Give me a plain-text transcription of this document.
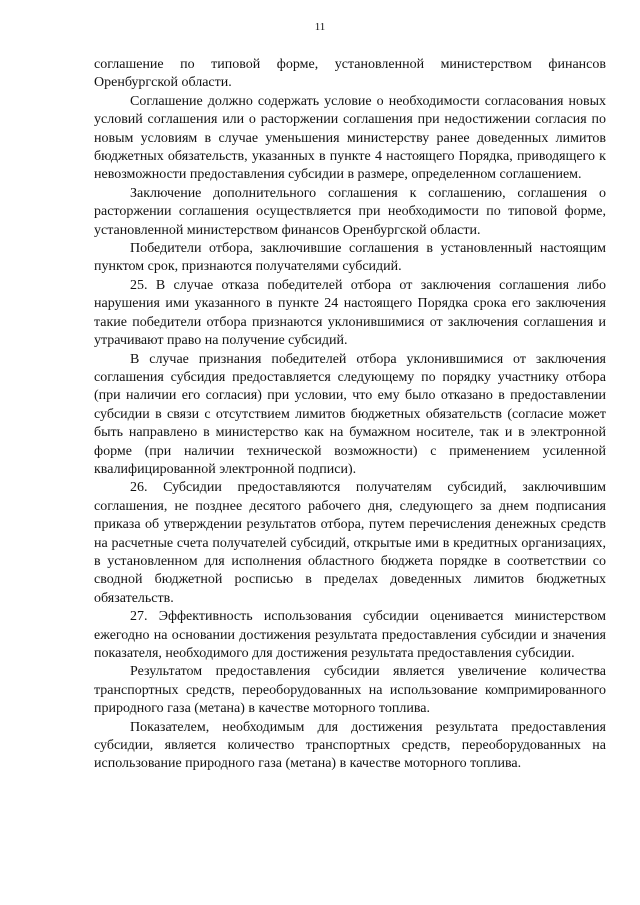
11

соглашение по типовой форме, установленной министерством финансов Оренбургской области.

Соглашение должно содержать условие о необходимости согласования новых условий соглашения или о расторжении соглашения при недостижении согласия по новым условиям в случае уменьшения министерству ранее доведенных лимитов бюджетных обязательств, указанных в пункте 4 настоящего Порядка, приводящего к невозможности предоставления субсидии в размере, определенном соглашением.

Заключение дополнительного соглашения к соглашению, соглашения о расторжении соглашения осуществляется при необходимости по типовой форме, установленной министерством финансов Оренбургской области.

Победители отбора, заключившие соглашения в установленный настоящим пунктом срок, признаются получателями субсидий.

25. В случае отказа победителей отбора от заключения соглашения либо нарушения ими указанного в пункте 24 настоящего Порядка срока его заключения такие победители отбора признаются уклонившимися от заключения соглашения и утрачивают право на получение субсидий.

В случае признания победителей отбора уклонившимися от заключения соглашения субсидия предоставляется следующему по порядку участнику отбора (при наличии его согласия) при условии, что ему было отказано в предоставлении субсидии в связи с отсутствием лимитов бюджетных обязательств (согласие может быть направлено в министерство как на бумажном носителе, так и в электронной форме (при наличии технической возможности) с применением усиленной квалифицированной электронной подписи).

26. Субсидии предоставляются получателям субсидий, заключившим соглашения, не позднее десятого рабочего дня, следующего за днем подписания приказа об утверждении результатов отбора, путем перечисления денежных средств на расчетные счета получателей субсидий, открытые ими в кредитных организациях, в установленном для исполнения областного бюджета порядке в соответствии со сводной бюджетной росписью в пределах доведенных лимитов бюджетных обязательств.

27. Эффективность использования субсидии оценивается министерством ежегодно на основании достижения результата предоставления субсидии и значения показателя, необходимого для достижения результата предоставления субсидии.

Результатом предоставления субсидии является увеличение количества транспортных средств, переоборудованных на использование компримированного природного газа (метана) в качестве моторного топлива.

Показателем, необходимым для достижения результата предоставления субсидии, является количество транспортных средств, переоборудованных на использование природного газа (метана) в качестве моторного топлива.
